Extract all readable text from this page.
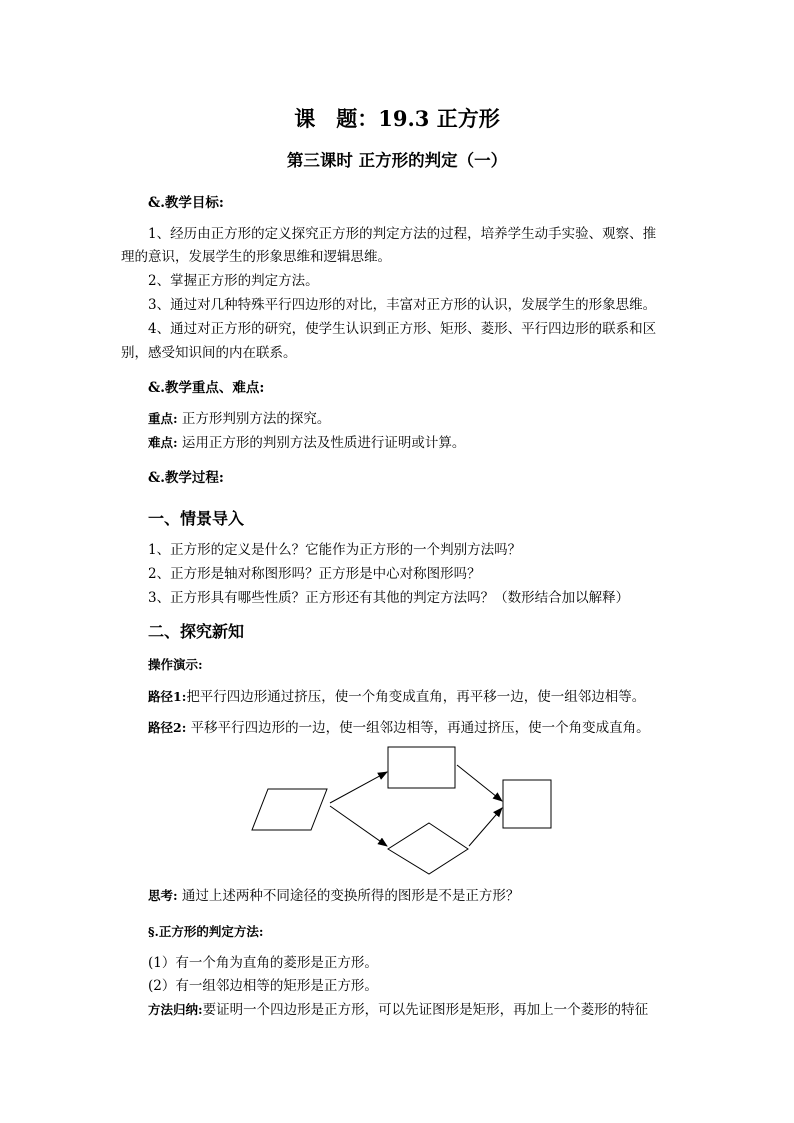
课　题：19.3 正方形
第三课时 正方形的判定（一）
&.教学目标:
1、经历由正方形的定义探究正方形的判定方法的过程，培养学生动手实验、观察、推
理的意识，发展学生的形象思维和逻辑思维。
2、掌握正方形的判定方法。
3、通过对几种特殊平行四边形的对比，丰富对正方形的认识，发展学生的形象思维。
4、通过对正方形的研究，使学生认识到正方形、矩形、菱形、平行四边形的联系和区
别，感受知识间的内在联系。
&.教学重点、难点:
重点: 正方形判别方法的探究。
难点: 运用正方形的判别方法及性质进行证明或计算。
&.教学过程:
一、情景导入
1、正方形的定义是什么？它能作为正方形的一个判别方法吗？
2、正方形是轴对称图形吗？正方形是中心对称图形吗？
3、正方形具有哪些性质？正方形还有其他的判定方法吗？（数形结合加以解释）
二、探究新知
操作演示:
路径1:把平行四边形通过挤压，使一个角变成直角，再平移一边，使一组邻边相等。
路径2: 平移平行四边形的一边，使一组邻边相等，再通过挤压，使一个角变成直角。
思考: 通过上述两种不同途径的变换所得的图形是不是正方形？
§.正方形的判定方法:
(1）有一个角为直角的菱形是正方形。
(2）有一组邻边相等的矩形是正方形。
方法归纳:要证明一个四边形是正方形，可以先证图形是矩形，再加上一个菱形的特征
